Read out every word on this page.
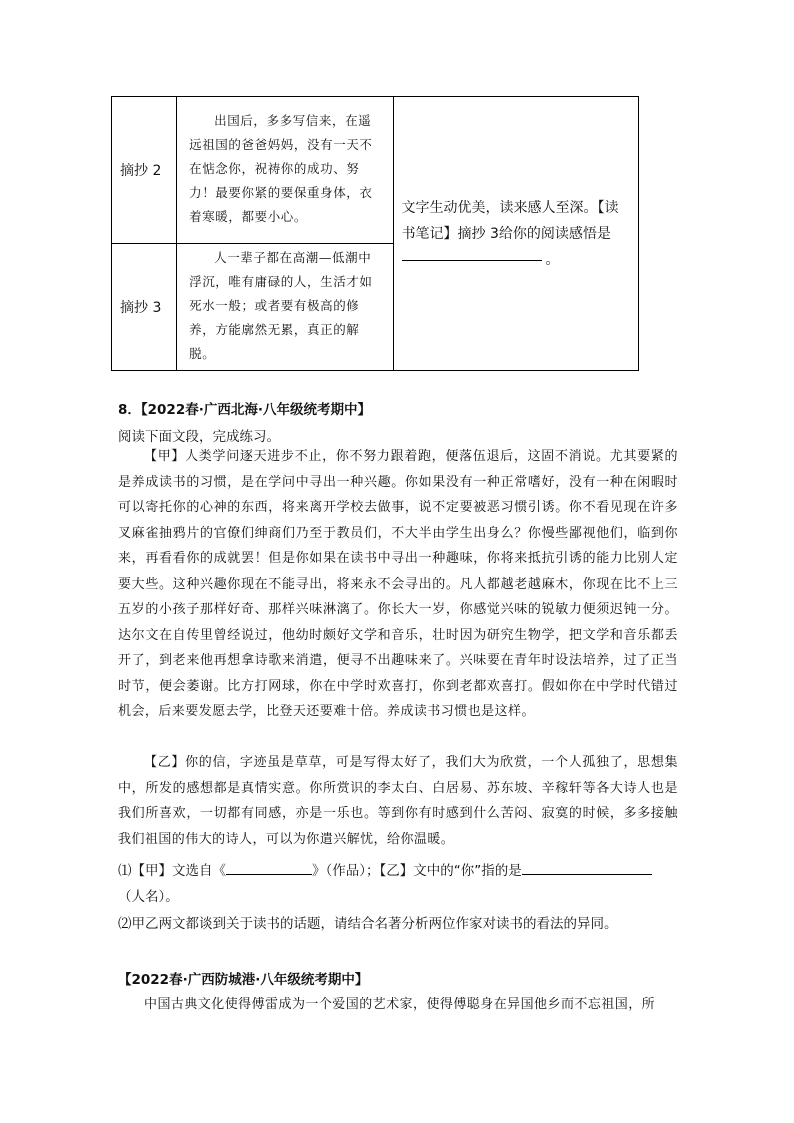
摘抄 2	出国后，多多写信来，在遥远祖国的爸爸妈妈，没有一天不在惦念你，祝祷你的成功、努力！最要你紧的要保重身体，衣着寒暖，都要小心。	文字生动优美，读来感人至深。【读书笔记】摘抄 3给你的阅读感悟是
。
摘抄 3	人一辈子都在高潮—低潮中浮沉，唯有庸碌的人，生活才如死水一般；或者要有极高的修养，方能廓然无累，真正的解脱。	
8．【2022春·广西北海·八年级统考期中】
阅读下面文段，完成练习。

【甲】人类学问逐天进步不止，你不努力跟着跑，便落伍退后，这固不消说。尤其要紧的是养成读书的习惯，是在学问中寻出一种兴趣。你如果没有一种正常嗜好，没有一种在闲暇时可以寄托你的心神的东西，将来离开学校去做事，说不定要被恶习惯引诱。你不看见现在许多叉麻雀抽鸦片的官僚们绅商们乃至于教员们，不大半由学生出身么？你慢些鄙视他们，临到你来，再看看你的成就罢！但是你如果在读书中寻出一种趣味，你将来抵抗引诱的能力比别人定要大些。这种兴趣你现在不能寻出，将来永不会寻出的。凡人都越老越麻木，你现在比不上三五岁的小孩子那样好奇、那样兴味淋漓了。你长大一岁，你感觉兴味的锐敏力便须迟钝一分。达尔文在自传里曾经说过，他幼时颇好文学和音乐，壮时因为研究生物学，把文学和音乐都丢开了，到老来他再想拿诗歌来消遣，便寻不出趣味来了。兴味要在青年时设法培养，过了正当时节，便会萎谢。比方打网球，你在中学时欢喜打，你到老都欢喜打。假如你在中学时代错过机会，后来要发愿去学，比登天还要难十倍。养成读书习惯也是这样。

【乙】你的信，字迹虽是草草，可是写得太好了，我们大为欣赏，一个人孤独了，思想集中，所发的感想都是真情实意。你所赏识的李太白、白居易、苏东坡、辛稼轩等各大诗人也是我们所喜欢，一切都有同感，亦是一乐也。等到你有时感到什么苦闷、寂寞的时候，多多接触我们祖国的伟大的诗人，可以为你遣兴解忧，给你温暖。

⑴【甲】文选自《	》（作品）；【乙】文中的“你”指的是
（人名）。
⑵甲乙两文都谈到关于读书的话题，请结合名著分析两位作家对读书的看法的异同。
【2022春·广西防城港·八年级统考期中】

中国古典文化使得傅雷成为一个爱国的艺术家，使得傅聪身在异国他乡而不忘祖国，所
